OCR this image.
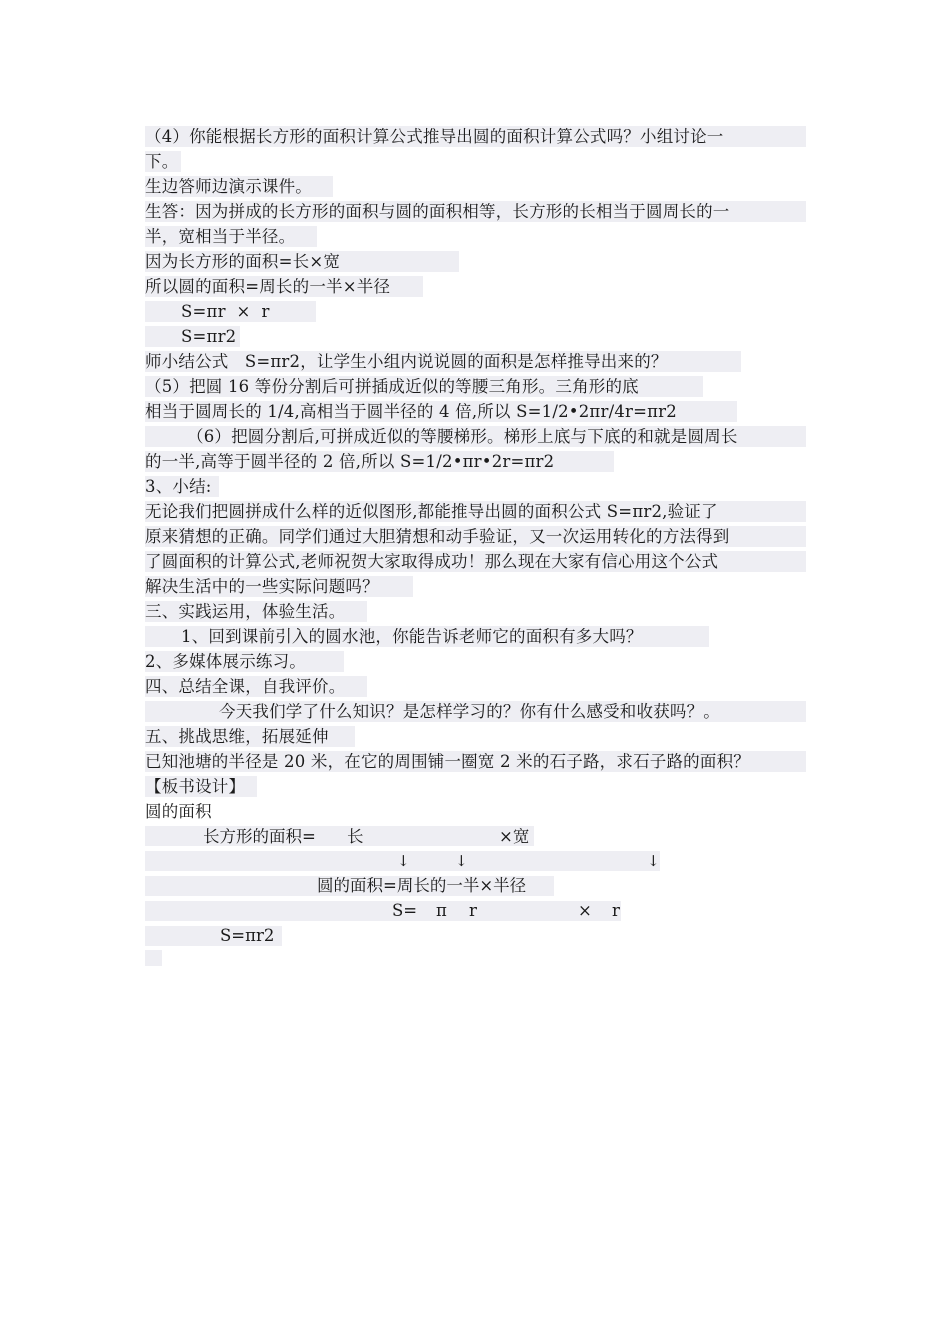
（4）你能根据长方形的面积计算公式推导出圆的面积计算公式吗？小组讨论一
下。
生边答师边演示课件。
生答：因为拼成的长方形的面积与圆的面积相等，长方形的长相当于圆周长的一
半，宽相当于半径。
因为长方形的面积=长×宽
所以圆的面积=周长的一半×半径
S=πr  ×  r
S=πr2
师小结公式   S=πr2，让学生小组内说说圆的面积是怎样推导出来的？
（5）把圆 16 等份分割后可拼插成近似的等腰三角形。三角形的底
相当于圆周长的 1/4,高相当于圆半径的 4 倍,所以 S=1/2•2πr/4r=πr2
（6）把圆分割后,可拼成近似的等腰梯形。梯形上底与下底的和就是圆周长
的一半,高等于圆半径的 2 倍,所以 S=1/2•πr•2r=πr2
3、小结:
无论我们把圆拼成什么样的近似图形,都能推导出圆的面积公式 S=πr2,验证了
原来猜想的正确。同学们通过大胆猜想和动手验证，又一次运用转化的方法得到
了圆面积的计算公式,老师祝贺大家取得成功！那么现在大家有信心用这个公式
解决生活中的一些实际问题吗？
三、实践运用，体验生活。
1、回到课前引入的圆水池，你能告诉老师它的面积有多大吗？
2、多媒体展示练习。
四、总结全课，自我评价。
今天我们学了什么知识？是怎样学习的？你有什么感受和收获吗？。
五、挑战思维，拓展延伸
已知池塘的半径是 20 米，在它的周围铺一圈宽 2 米的石子路，求石子路的面积？
【板书设计】
圆的面积
长方形的面积= 长	×宽
↓	↓	↓
圆的面积=周长的一半×半径
S= π r	× r
S=πr2
